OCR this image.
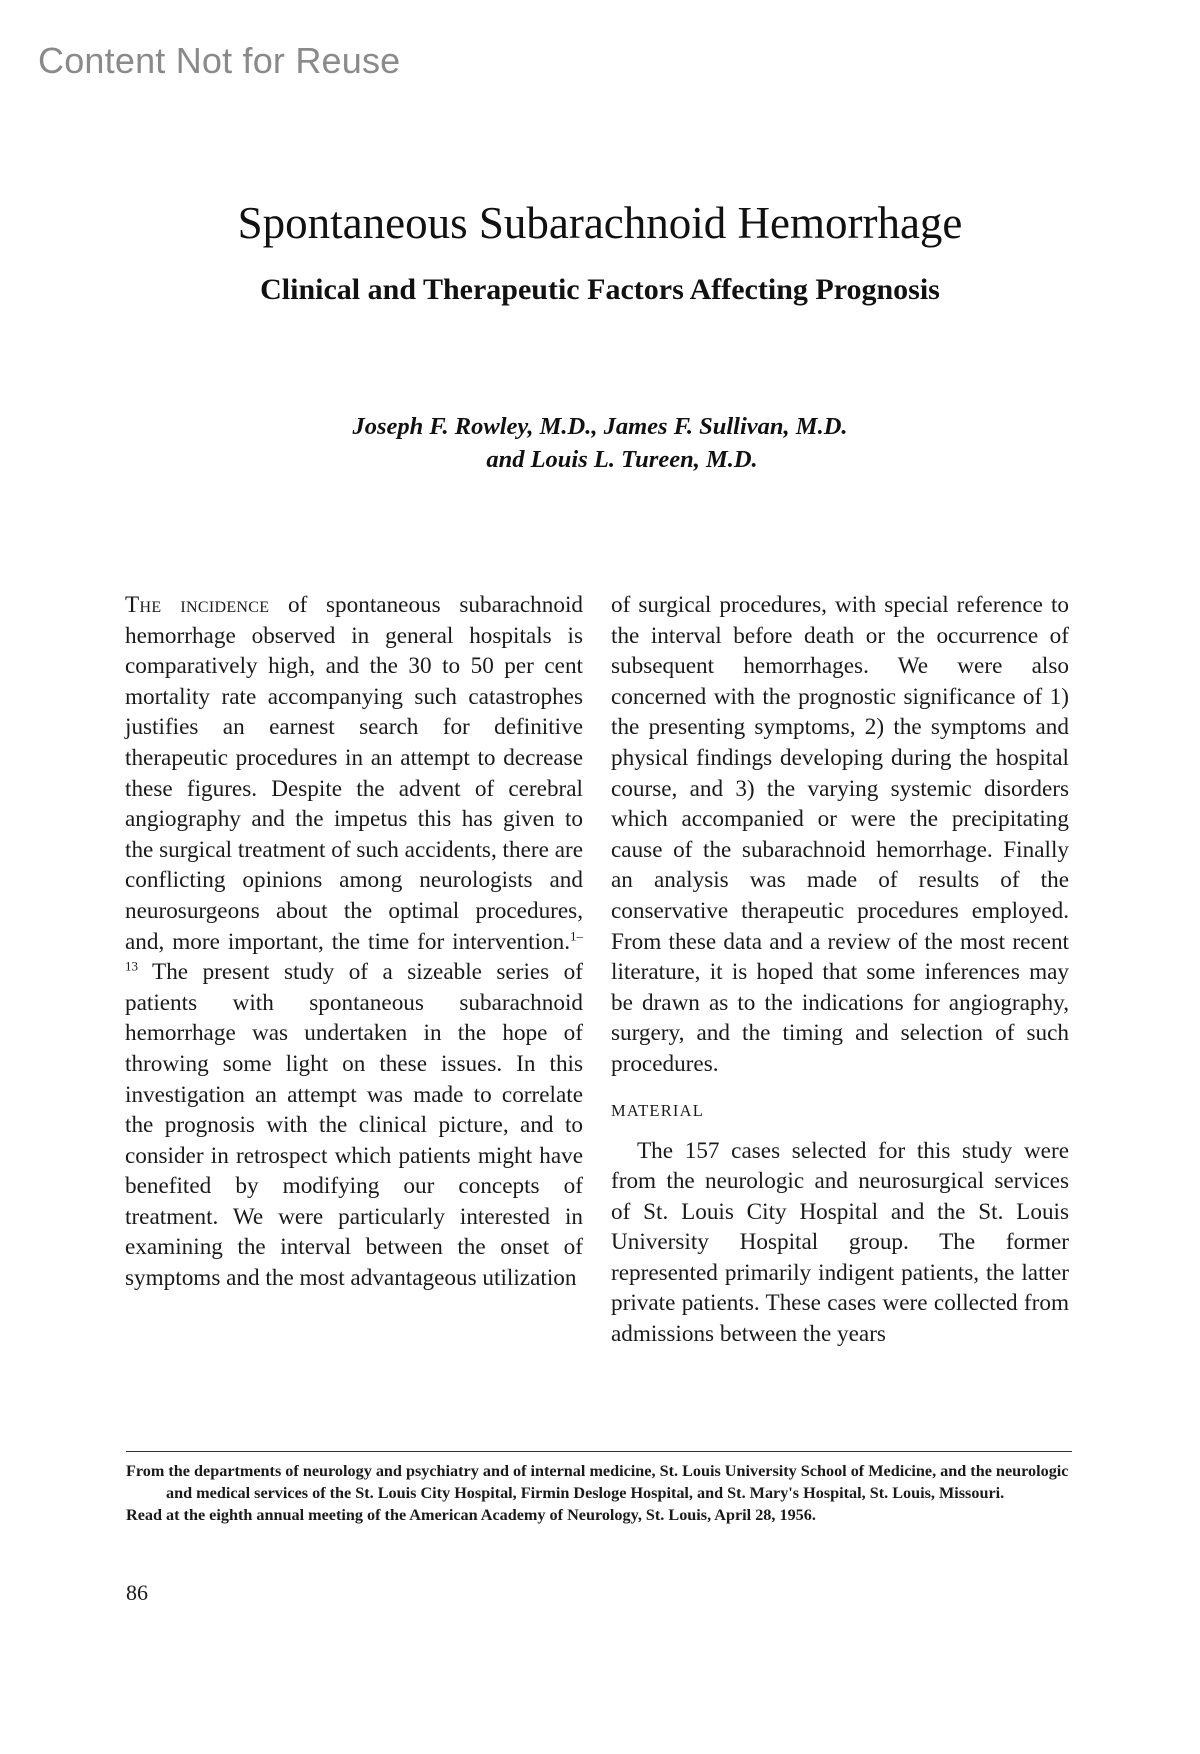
Content Not for Reuse
Spontaneous Subarachnoid Hemorrhage
Clinical and Therapeutic Factors Affecting Prognosis
Joseph F. Rowley, M.D., James F. Sullivan, M.D.
and Louis L. Tureen, M.D.

The incidence of spontaneous subarachnoid hemorrhage observed in general hospitals is comparatively high, and the 30 to 50 per cent mortality rate accompanying such catastrophes justifies an earnest search for definitive therapeutic procedures in an attempt to decrease these figures. Despite the advent of cerebral angiography and the impetus this has given to the surgical treatment of such accidents, there are conflicting opinions among neurologists and neurosurgeons about the optimal procedures, and, more important, the time for intervention.$^{1-13}$ The present study of a sizeable series of patients with spontaneous subarachnoid hemorrhage was undertaken in the hope of throwing some light on these issues. In this investigation an attempt was made to correlate the prognosis with the clinical picture, and to consider in retrospect which patients might have benefited by modifying our concepts of treatment. We were particularly interested in examining the interval between the onset of symptoms and the most advantageous utilization

of surgical procedures, with special reference to the interval before death or the occurrence of subsequent hemorrhages. We were also concerned with the prognostic significance of 1) the presenting symptoms, 2) the symptoms and physical findings developing during the hospital course, and 3) the varying systemic disorders which accompanied or were the precipitating cause of the subarachnoid hemorrhage. Finally an analysis was made of results of the conservative therapeutic procedures employed. From these data and a review of the most recent literature, it is hoped that some inferences may be drawn as to the indications for angiography, surgery, and the timing and selection of such procedures.

MATERIAL

The 157 cases selected for this study were from the neurologic and neurosurgical services of St. Louis City Hospital and the St. Louis University Hospital group. The former represented primarily indigent patients, the latter private patients. These cases were collected from admissions between the years

From the departments of neurology and psychiatry and of internal medicine, St. Louis University School of Medicine, and the neurologic and medical services of the St. Louis City Hospital, Firmin Desloge Hospital, and St. Mary's Hospital, St. Louis, Missouri.

Read at the eighth annual meeting of the American Academy of Neurology, St. Louis, April 28, 1956.

86
